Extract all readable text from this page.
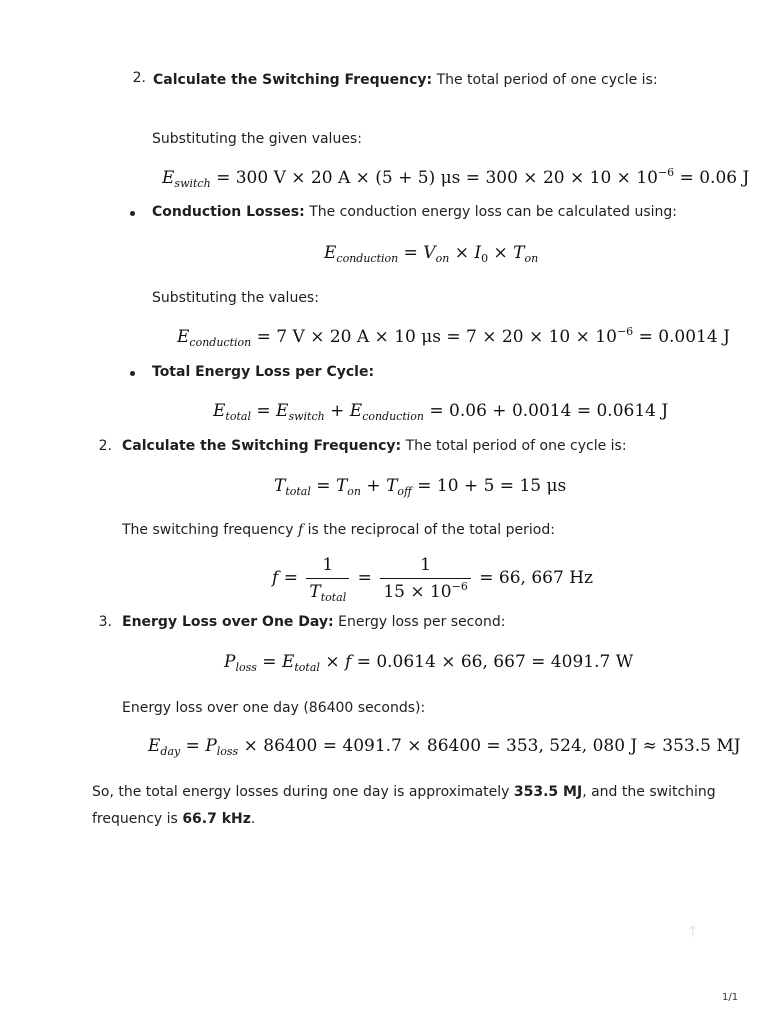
2. Calculate the Switching Frequency: The total period of one cycle is:
Substituting the given values:
$E_{switch} = 300$ V × 20 A × (5 + 5) $\mu s = 300 \times 20 \times 10 \times 10^{-6} = 0.06$ J
Conduction Losses: The conduction energy loss can be calculated using:
$E_{conduction} = V_{on} \times I_0 \times T_{on}$
Substituting the values:
$E_{conduction} = 7$ V × 20 A × 10 $\mu s = 7 \times 20 \times 10 \times 10^{-6} = 0.0014$ J
Total Energy Loss per Cycle:
$E_{total} = E_{switch} + E_{conduction} = 0.06 + 0.0014 = 0.0614$ J
2. Calculate the Switching Frequency: The total period of one cycle is:
$T_{total} = T_{on} + T_{off} = 10 + 5 = 15$ μs
The switching frequency f is the reciprocal of the total period:
$f = \frac{1}{T_{total}} = \frac{1}{15 \times 10^{-6}} = 66$, 667 Hz
3. Energy Loss over One Day: Energy loss per second:
$P_{loss} = E_{total} \times f = 0.0614 \times 66$, 667 = 4091.7 W
Energy loss over one day (86400 seconds):
$E_{day} = P_{loss} \times 86400 = 4091.7 \times 86400 = 353$, 524, 080 J ≈ 353.5 MJ
So, the total energy losses during one day is approximately 353.5 MJ, and the switching
frequency is 66.7 kHz.
↑
1/1
